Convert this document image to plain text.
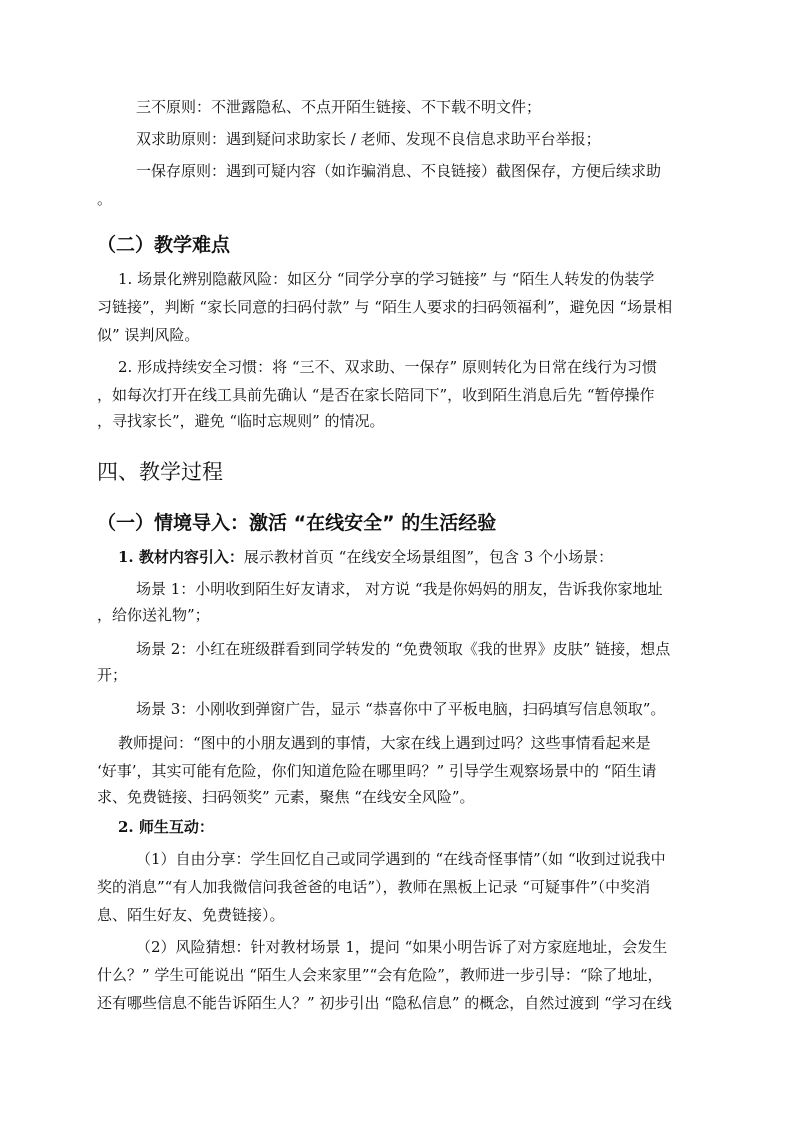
三不原则：不泄露隐私、不点开陌生链接、不下载不明文件；
双求助原则：遇到疑问求助家长 / 老师、发现不良信息求助平台举报；
一保存原则：遇到可疑内容（如诈骗消息、不良链接）截图保存，方便后续求助
。
（二）教学难点
1. 场景化辨别隐蔽风险：如区分 “同学分享的学习链接” 与 “陌生人转发的伪装学
习链接”，判断 “家长同意的扫码付款” 与 “陌生人要求的扫码领福利”，避免因 “场景相
似” 误判风险。
2. 形成持续安全习惯：将 “三不、双求助、一保存” 原则转化为日常在线行为习惯
，如每次打开在线工具前先确认 “是否在家长陪同下”，收到陌生消息后先 “暂停操作
，寻找家长”，避免 “临时忘规则” 的情况。
四、教学过程
（一）情境导入：激活 “在线安全” 的生活经验
1. 教材内容引入：展示教材首页 “在线安全场景组图”，包含 3 个小场景：
场景 1：小明收到陌生好友请求， 对方说 “我是你妈妈的朋友，告诉我你家地址
，给你送礼物”；
场景 2：小红在班级群看到同学转发的 “免费领取《我的世界》皮肤” 链接，想点
开；
场景 3：小刚收到弹窗广告，显示 “恭喜你中了平板电脑，扫码填写信息领取”。
教师提问：“图中的小朋友遇到的事情，大家在线上遇到过吗？这些事情看起来是
‘好事’，其实可能有危险，你们知道危险在哪里吗？” 引导学生观察场景中的 “陌生请
求、免费链接、扫码领奖” 元素，聚焦 “在线安全风险”。
2. 师生互动：
（1）自由分享：学生回忆自己或同学遇到的 “在线奇怪事情”（如 “收到过说我中
奖的消息”“有人加我微信问我爸爸的电话”），教师在黑板上记录 “可疑事件”（中奖消
息、陌生好友、免费链接）。
（2）风险猜想：针对教材场景 1，提问 “如果小明告诉了对方家庭地址，会发生
什么？” 学生可能说出 “陌生人会来家里”“会有危险”，教师进一步引导：“除了地址，
还有哪些信息不能告诉陌生人？” 初步引出 “隐私信息” 的概念，自然过渡到 “学习在线
